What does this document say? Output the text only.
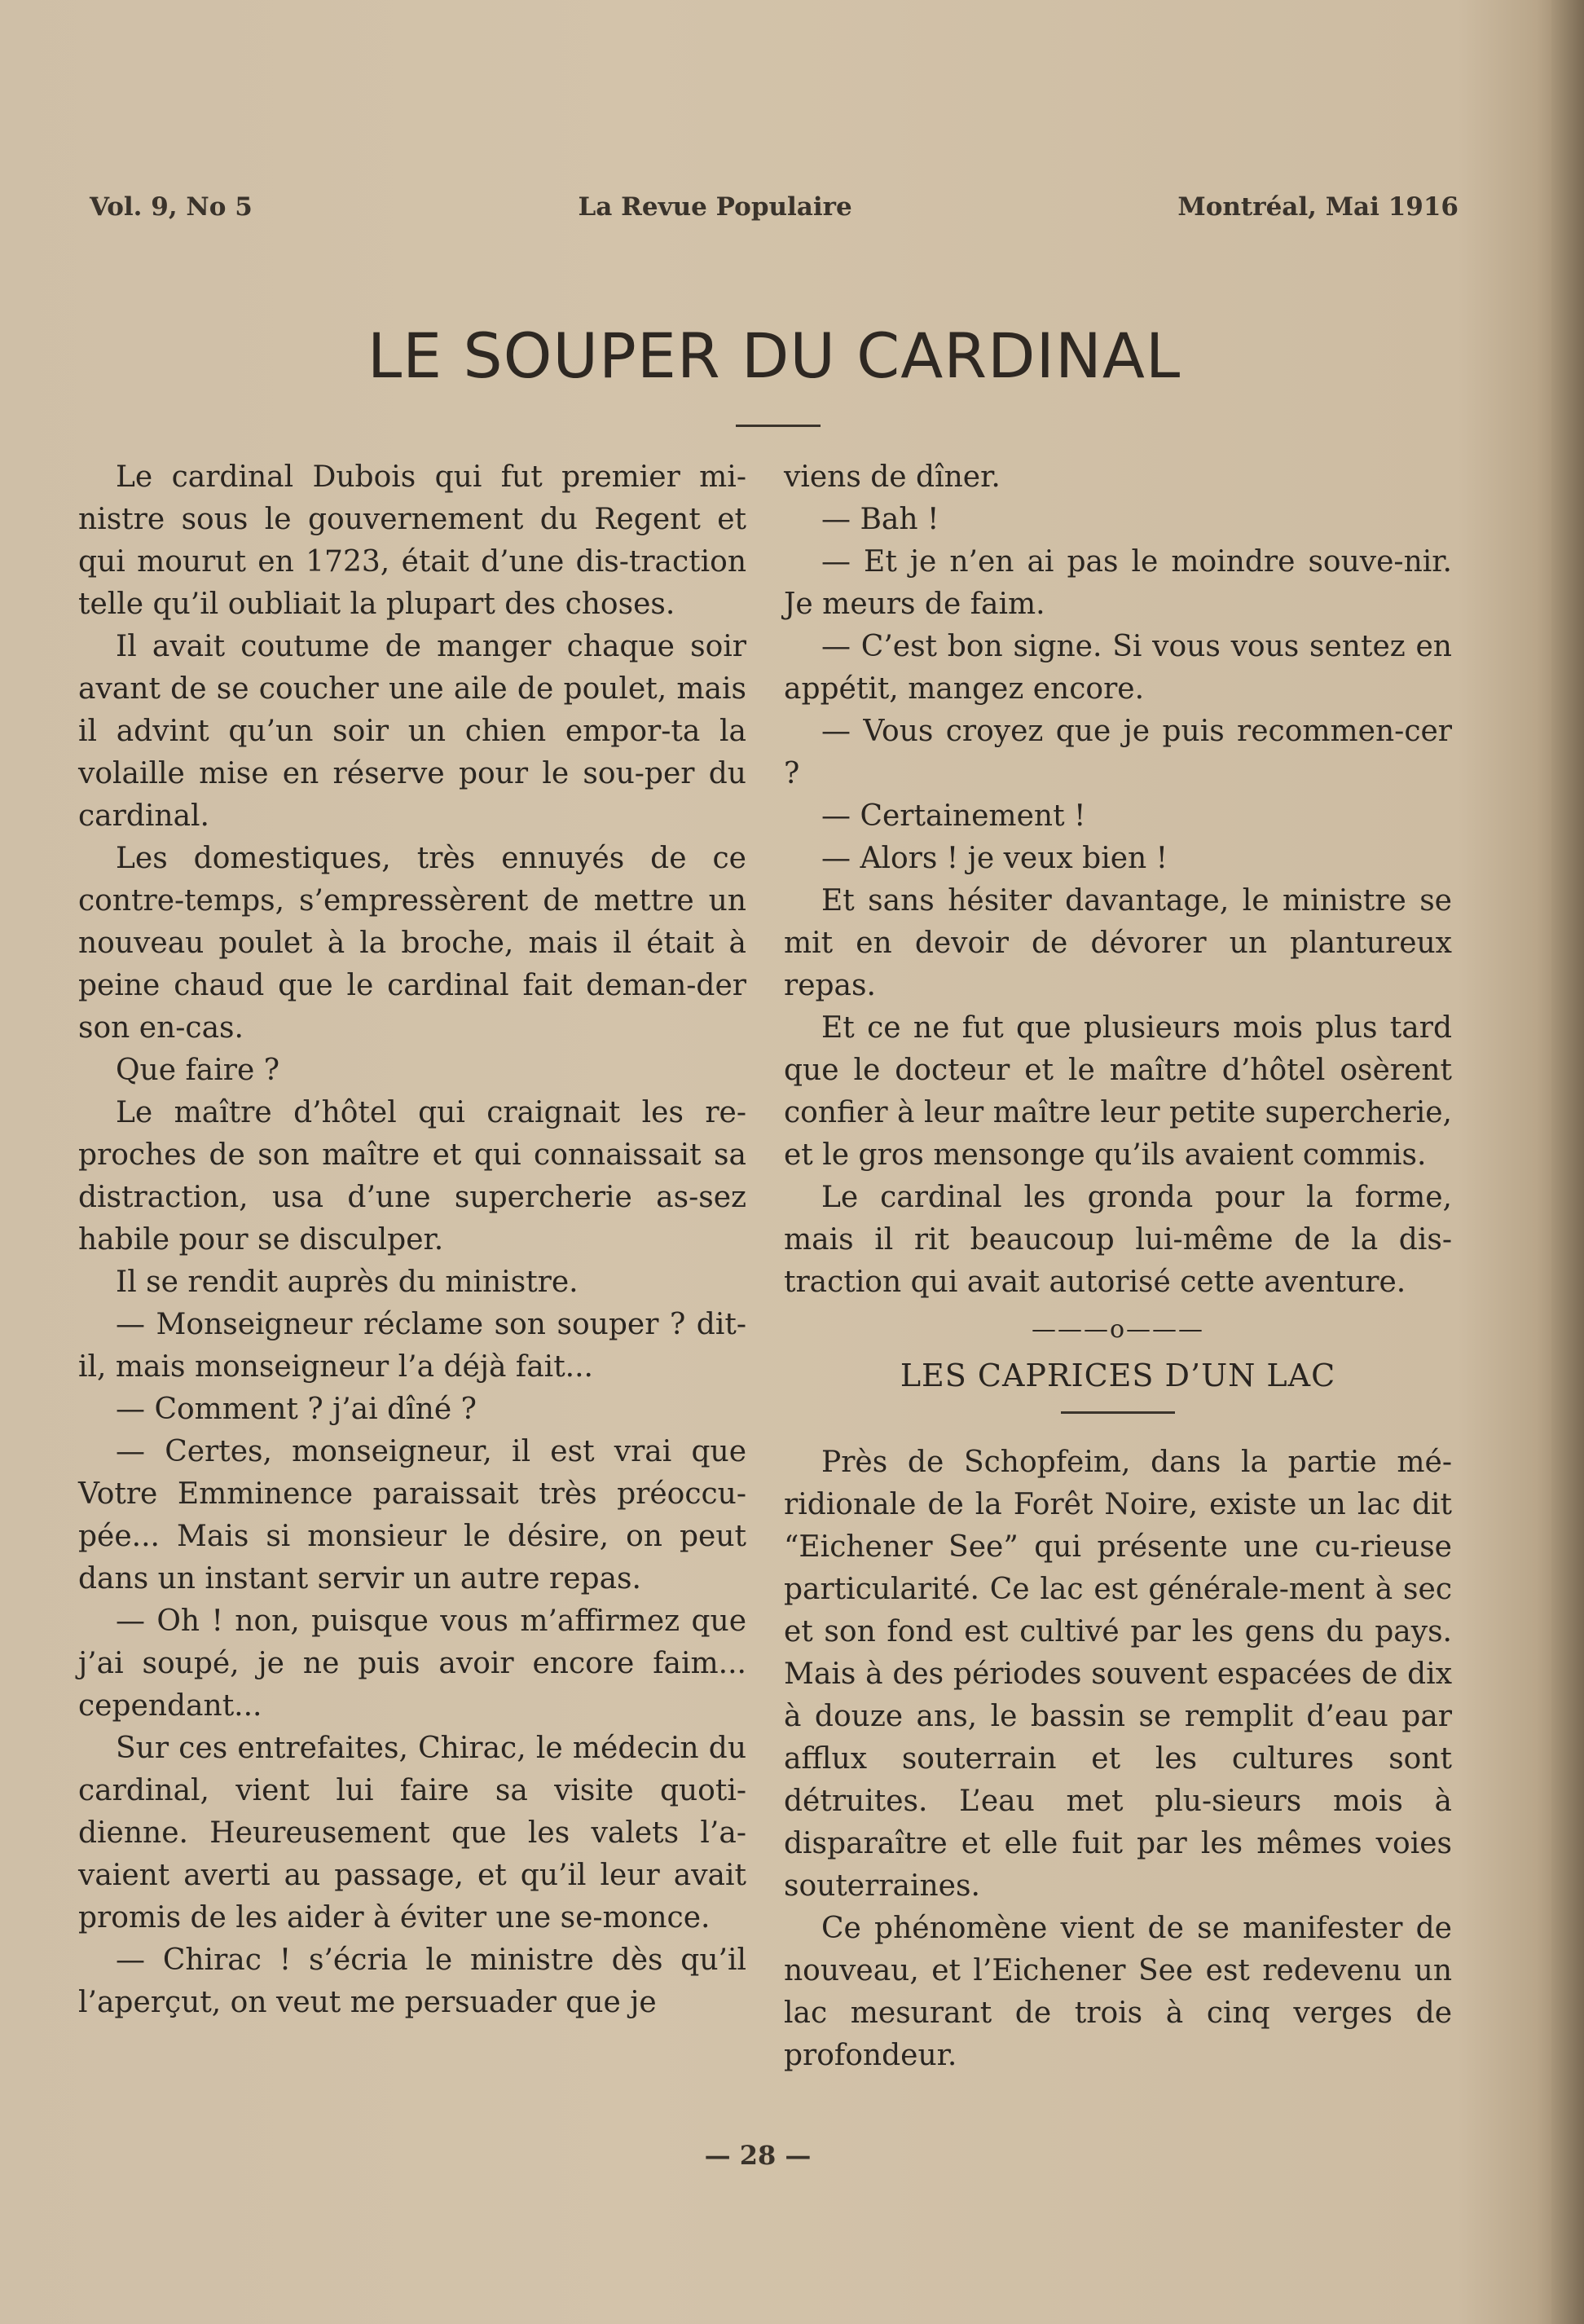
Vol. 9, No 5	La Revue Populaire	Montréal, Mai 1916
LE SOUPER DU CARDINAL

Le cardinal Dubois qui fut premier mi-nistre sous le gouvernement du Regent et qui mourut en 1723, était d’une dis-traction telle qu’il oubliait la plupart des choses.

Il avait coutume de manger chaque soir avant de se coucher une aile de poulet, mais il advint qu’un soir un chien empor-ta la volaille mise en réserve pour le sou-per du cardinal.

Les domestiques, très ennuyés de ce contre-temps, s’empressèrent de mettre un nouveau poulet à la broche, mais il était à peine chaud que le cardinal fait deman-der son en-cas.

Que faire ?

Le maître d’hôtel qui craignait les re-proches de son maître et qui connaissait sa distraction, usa d’une supercherie as-sez habile pour se disculper.

Il se rendit auprès du ministre.

— Monseigneur réclame son souper ? dit-il, mais monseigneur l’a déjà fait...

— Comment ? j’ai dîné ?

— Certes, monseigneur, il est vrai que Votre Emminence paraissait très préoccu-pée... Mais si monsieur le désire, on peut dans un instant servir un autre repas.

— Oh ! non, puisque vous m’affirmez que j’ai soupé, je ne puis avoir encore faim... cependant...

Sur ces entrefaites, Chirac, le médecin du cardinal, vient lui faire sa visite quoti-dienne. Heureusement que les valets l’a-vaient averti au passage, et qu’il leur avait promis de les aider à éviter une se-monce.

— Chirac ! s’écria le ministre dès qu’il l’aperçut, on veut me persuader que je

viens de dîner.

— Bah !

— Et je n’en ai pas le moindre souve-nir. Je meurs de faim.

— C’est bon signe. Si vous vous sentez en appétit, mangez encore.

— Vous croyez que je puis recommen-cer ?

— Certainement !

— Alors ! je veux bien !

Et sans hésiter davantage, le ministre se mit en devoir de dévorer un plantureux repas.

Et ce ne fut que plusieurs mois plus tard que le docteur et le maître d’hôtel osèrent confier à leur maître leur petite supercherie, et le gros mensonge qu’ils avaient commis.

Le cardinal les gronda pour la forme, mais il rit beaucoup lui-même de la dis-traction qui avait autorisé cette aventure.

———o———
LES CAPRICES D’UN LAC

Près de Schopfeim, dans la partie mé-ridionale de la Forêt Noire, existe un lac dit “Eichener See” qui présente une cu-rieuse particularité. Ce lac est générale-ment à sec et son fond est cultivé par les gens du pays. Mais à des périodes souvent espacées de dix à douze ans, le bassin se remplit d’eau par afflux souterrain et les cultures sont détruites. L’eau met plu-sieurs mois à disparaître et elle fuit par les mêmes voies souterraines.

Ce phénomène vient de se manifester de nouveau, et l’Eichener See est redevenu un lac mesurant de trois à cinq verges de profondeur.

— 28 —
